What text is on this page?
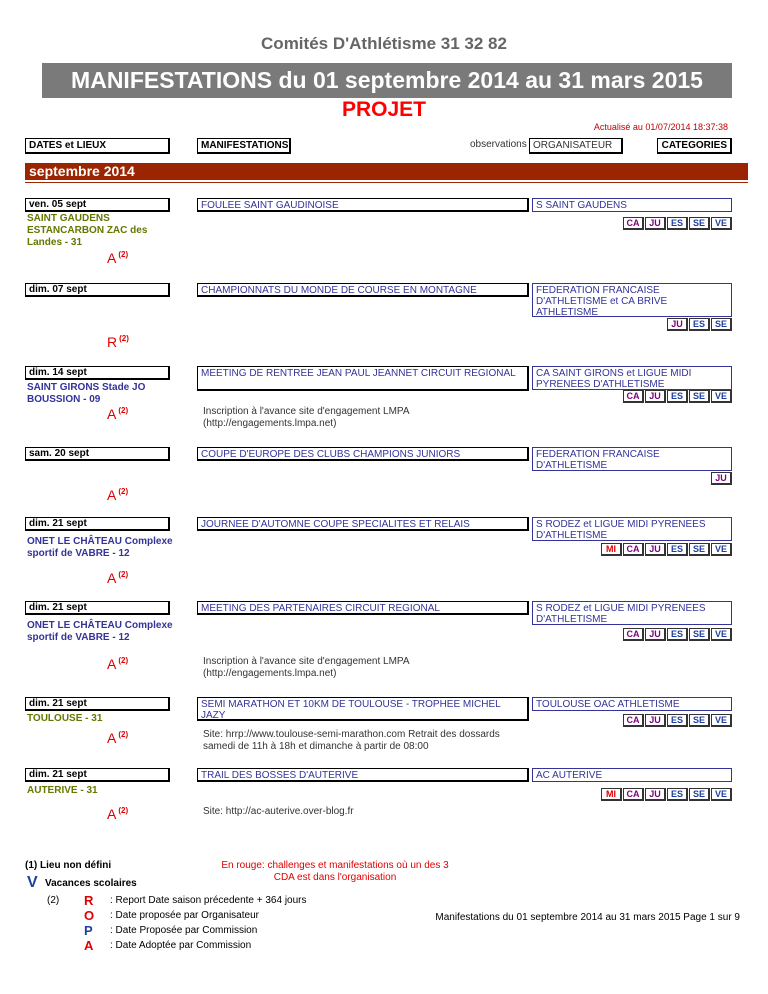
Comités D'Athlétisme 31 32 82
MANIFESTATIONS du 01 septembre 2014 au 31 mars 2015
PROJET
Actualisé au 01/07/2014 18:37:38
DATES et LIEUX	MANIFESTATIONS	observations ORGANISATEUR	CATEGORIES
septembre 2014
ven. 05 sept
SAINT GAUDENS ESTANCARBON ZAC des Landes - 31
A $^{(2)}$
FOULEE SAINT GAUDINOISE	S SAINT GAUDENS
CA	JU	ES	SE	VE
dim. 07 sept
R $^{(2)}$
CHAMPIONNATS DU MONDE DE COURSE EN MONTAGNE	FEDERATION FRANCAISE D'ATHLETISME et CA BRIVE ATHLETISME
JU	ES	SE
dim. 14 sept
SAINT GIRONS Stade JO BOUSSION - 09
A $^{(2)}$
MEETING DE RENTREE JEAN PAUL JEANNET CIRCUIT REGIONAL	CA SAINT GIRONS et LIGUE MIDI PYRENEES D'ATHLETISME
Inscription à l'avance site d'engagement LMPA (http://engagements.lmpa.net)
CA	JU	ES	SE	VE
sam. 20 sept
A $^{(2)}$
COUPE D'EUROPE DES CLUBS CHAMPIONS JUNIORS	FEDERATION FRANCAISE D'ATHLETISME
JU
dim. 21 sept
ONET LE CHÂTEAU Complexe sportif de VABRE - 12
A $^{(2)}$
JOURNEE D'AUTOMNE COUPE SPECIALITES ET RELAIS	S RODEZ et LIGUE MIDI PYRENEES D'ATHLETISME
MI	CA	JU	ES	SE	VE
dim. 21 sept
ONET LE CHÂTEAU Complexe sportif de VABRE - 12
A $^{(2)}$
MEETING DES PARTENAIRES CIRCUIT REGIONAL	S RODEZ et LIGUE MIDI PYRENEES D'ATHLETISME
Inscription à l'avance site d'engagement LMPA (http://engagements.lmpa.net)
CA	JU	ES	SE	VE
dim. 21 sept
TOULOUSE - 31
A $^{(2)}$
SEMI MARATHON ET 10KM DE TOULOUSE - TROPHEE MICHEL JAZY
TOULOUSE OAC ATHLETISME
Site: hrrp://www.toulouse-semi-marathon.com Retrait des dossards samedi de 11h à 18h et dimanche à partir de 08:00
CA	JU	ES	SE	VE
dim. 21 sept
AUTERIVE - 31
A $^{(2)}$
TRAIL DES BOSSES D'AUTERIVE	AC AUTERIVE
Site: http://ac-auterive.over-blog.fr
MI	CA	JU	ES	SE	VE
(1) Lieu non défini
V Vacances scolaires
En rouge: challenges et manifestations où un des 3 CDA est dans l'organisation
(2) R : Report Date saison précedente + 364 jours
O : Date proposée par Organisateur
P : Date Proposée par Commission
A : Date Adoptée par Commission
Manifestations du 01 septembre 2014 au 31 mars 2015 Page 1 sur 9
